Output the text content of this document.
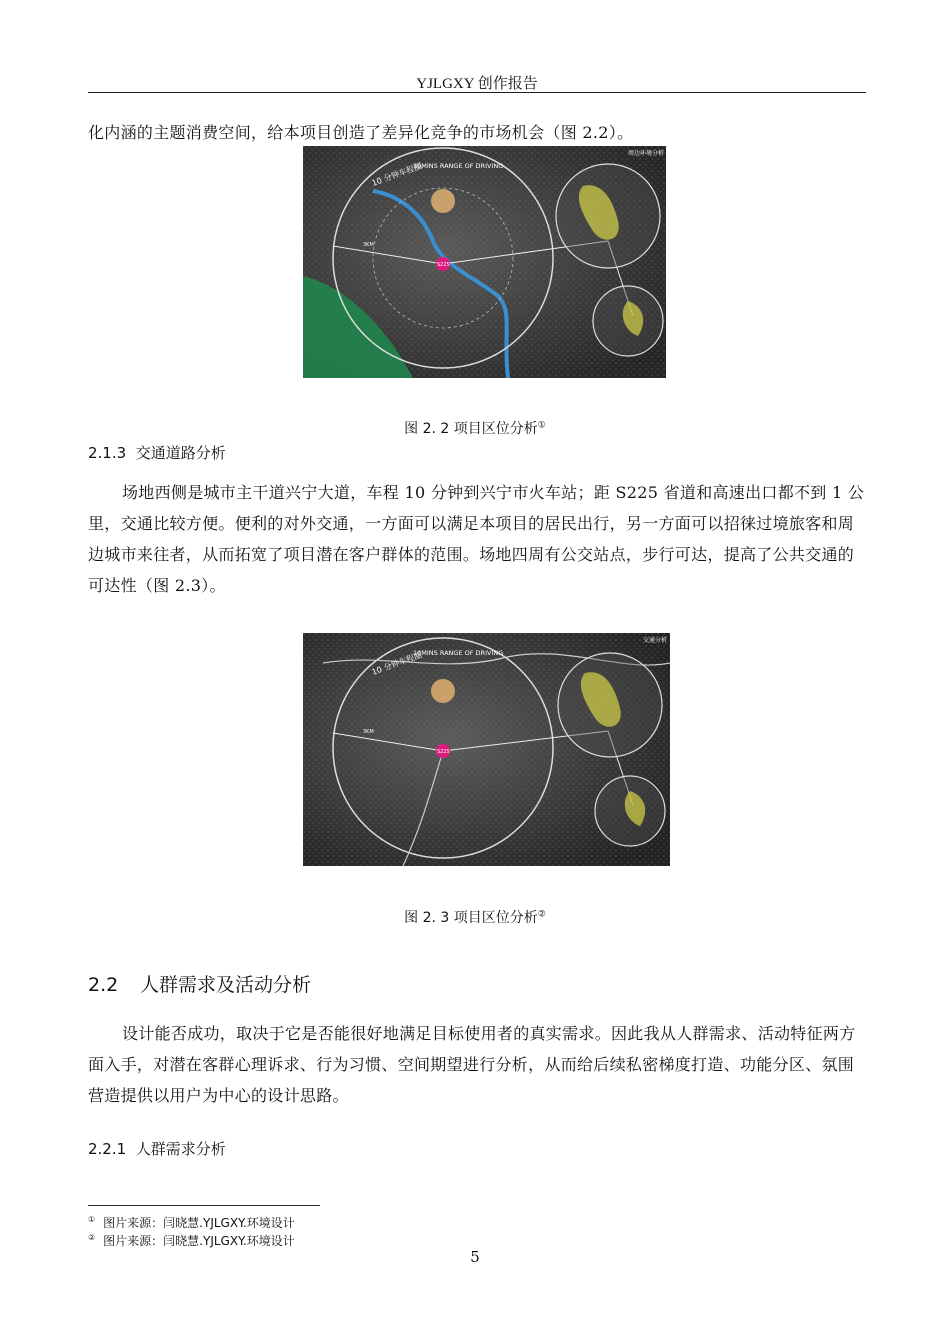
YJLGXY 创作报告
化内涵的主题消费空间，给本项目创造了差异化竞争的市场机会（图 2.2）。
10 分钟车程圈
10MINS RANGE OF DRIVING
周边环境分析
S225
3KM
图 2. 2 项目区位分析①
2.1.3 交通道路分析
场地西侧是城市主干道兴宁大道，车程 10 分钟到兴宁市火车站；距 S225 省道和高速出口都不到 1 公里，交通比较方便。便利的对外交通，一方面可以满足本项目的居民出行，另一方面可以招徕过境旅客和周边城市来往者，从而拓宽了项目潜在客户群体的范围。场地四周有公交站点，步行可达，提高了公共交通的可达性（图 2.3）。
10 分钟车程圈
10MINS RANGE OF DRIVING
交通分析
S225
3KM
图 2. 3 项目区位分析②
2.2 人群需求及活动分析
设计能否成功，取决于它是否能很好地满足目标使用者的真实需求。因此我从人群需求、活动特征两方面入手，对潜在客群心理诉求、行为习惯、空间期望进行分析，从而给后续私密梯度打造、功能分区、氛围营造提供以用户为中心的设计思路。
2.2.1 人群需求分析
① 图片来源：闫晓慧.YJLGXY.环境设计
② 图片来源：闫晓慧.YJLGXY.环境设计
5
